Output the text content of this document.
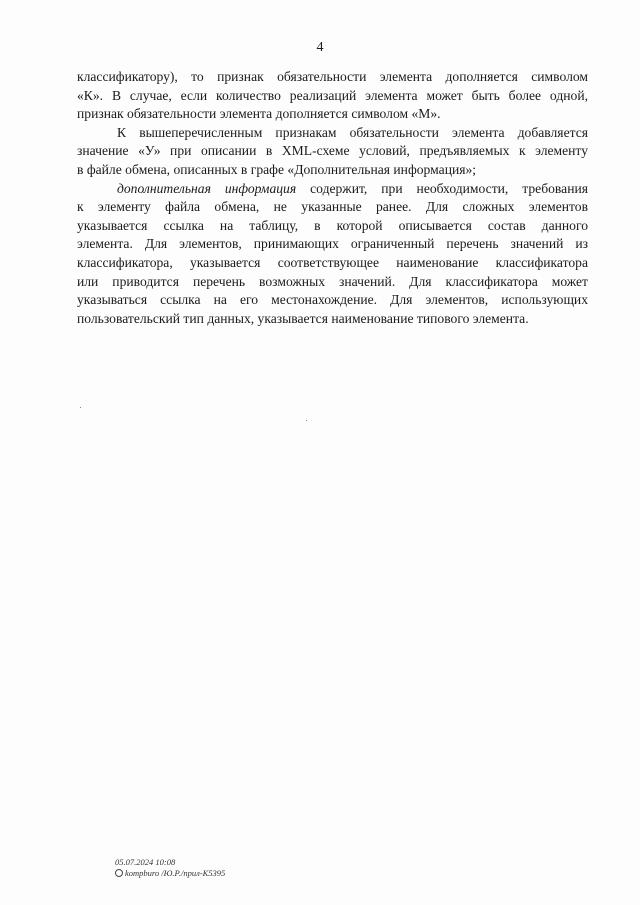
4
классификатору), то признак обязательности элемента дополняется символом
«К». В случае, если количество реализаций элемента может быть более одной,
признак обязательности элемента дополняется символом «М».
К вышеперечисленным признакам обязательности элемента добавляется
значение «У» при описании в XML-схеме условий, предъявляемых к элементу
в файле обмена, описанных в графе «Дополнительная информация»;
дополнительная информация содержит, при необходимости, требования
к элементу файла обмена, не указанные ранее. Для сложных элементов
указывается ссылка на таблицу, в которой описывается состав данного
элемента. Для элементов, принимающих ограниченный перечень значений из
классификатора, указывается соответствующее наименование классификатора
или приводится перечень возможных значений. Для классификатора может
указываться ссылка на его местонахождение. Для элементов, использующих
пользовательский тип данных, указывается наименование типового элемента.
05.07.2024 10:08
kompburo /Ю.Р./прил-К5395
